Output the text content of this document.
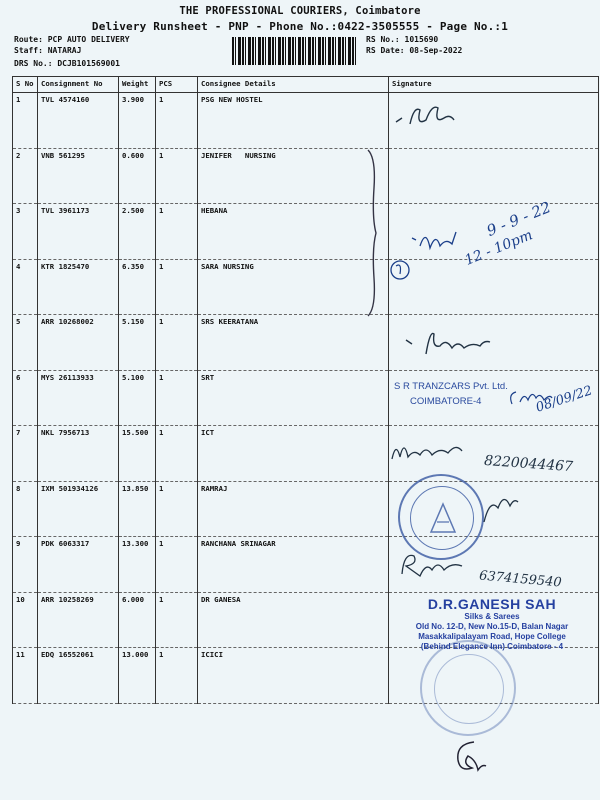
THE PROFESSIONAL COURIERS, Coimbatore
Delivery Runsheet - PNP - Phone No.:0422-3505555 - Page No.:1
Route: PCP AUTO DELIVERY
Staff: NATARAJ
DRS No.: DCJB101569001
RS No.: 1015690
RS Date: 08-Sep-2022
S No	Consignment No	Weight	PCS	Consignee Details	Signature
1	TVL 4574160	3.900	1	PSG NEW HOSTEL	
2	VNB 561295	0.600	1	JENIFER   NURSING	
3	TVL 3961173	2.500	1	HEBANA	
4	KTR 1825470	6.350	1	SARA NURSING	
5	ARR 10268002	5.150	1	SRS KEERATANA	
6	MYS 26113933	5.100	1	SRT	
7	NKL 7956713	15.500	1	ICT	
8	IXM 501934126	13.850	1	RAMRAJ	
9	PDK 6063317	13.300	1	RANCHANA SRINAGAR	
10	ARR 10258269	6.000	1	DR GANESA	
11	EDQ 16552061	13.000	1	ICICI	
9 - 9 - 22
12 - 10pm
S R TRANZCARS Pvt. Ltd.
COIMBATORE-4	08/09/22
8220044467
6374159540
D.R.GANESH SAH
Silks & Sarees
Old No. 12-D, New No.15-D, Balan Nagar
Masakkalipalayam Road, Hope College
(Behind Elegance Inn) Coimbatore - 4
